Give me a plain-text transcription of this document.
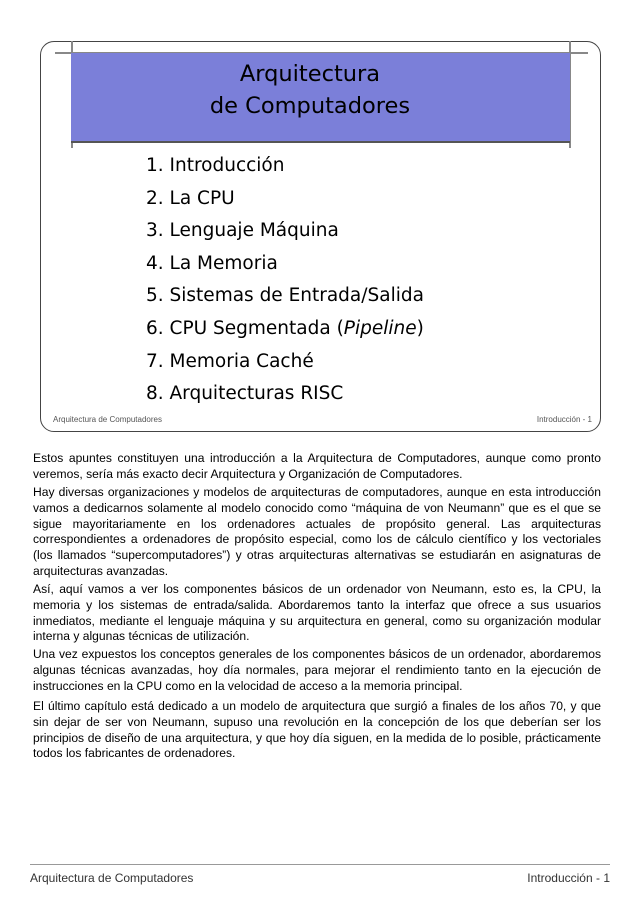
Arquitectura
de Computadores
1. Introducción
2. La CPU
3. Lenguaje Máquina
4. La Memoria
5. Sistemas de Entrada/Salida
6. CPU Segmentada (Pipeline)
7. Memoria Caché
8. Arquitecturas RISC
Arquitectura de Computadores	Introducción - 1

Estos apuntes constituyen una introducción a la Arquitectura de Computadores, aunque como pronto veremos, sería más exacto decir Arquitectura y Organización de Computadores.

Hay diversas organizaciones y modelos de arquitecturas de computadores, aunque en esta introducción vamos a dedicarnos solamente al modelo conocido como “máquina de von Neumann” que es el que se sigue mayoritariamente en los ordenadores actuales de propósito general. Las arquitecturas correspondientes a ordenadores de propósito especial, como los de cálculo científico y los vectoriales (los llamados “supercomputadores”) y otras arquitecturas alternativas se estudiarán en asignaturas de arquitecturas avanzadas.

Así, aquí vamos a ver los componentes básicos de un ordenador von Neumann, esto es, la CPU, la memoria y los sistemas de entrada/salida. Abordaremos tanto la interfaz que ofrece a sus usuarios inmediatos, mediante el lenguaje máquina y su arquitectura en general, como su organización modular interna y algunas técnicas de utilización.

Una vez expuestos los conceptos generales de los componentes básicos de un ordenador, abordaremos algunas técnicas avanzadas, hoy día normales, para mejorar el rendimiento tanto en la ejecución de instrucciones en la CPU como en la velocidad de acceso a la memoria principal.

El último capítulo está dedicado a un modelo de arquitectura que surgió a finales de los años 70, y que sin dejar de ser von Neumann, supuso una revolución en la concepción de los que deberían ser los principios de diseño de una arquitectura, y que hoy día siguen, en la medida de lo posible, prácticamente todos los fabricantes de ordenadores.

Arquitectura de Computadores	Introducción - 1
